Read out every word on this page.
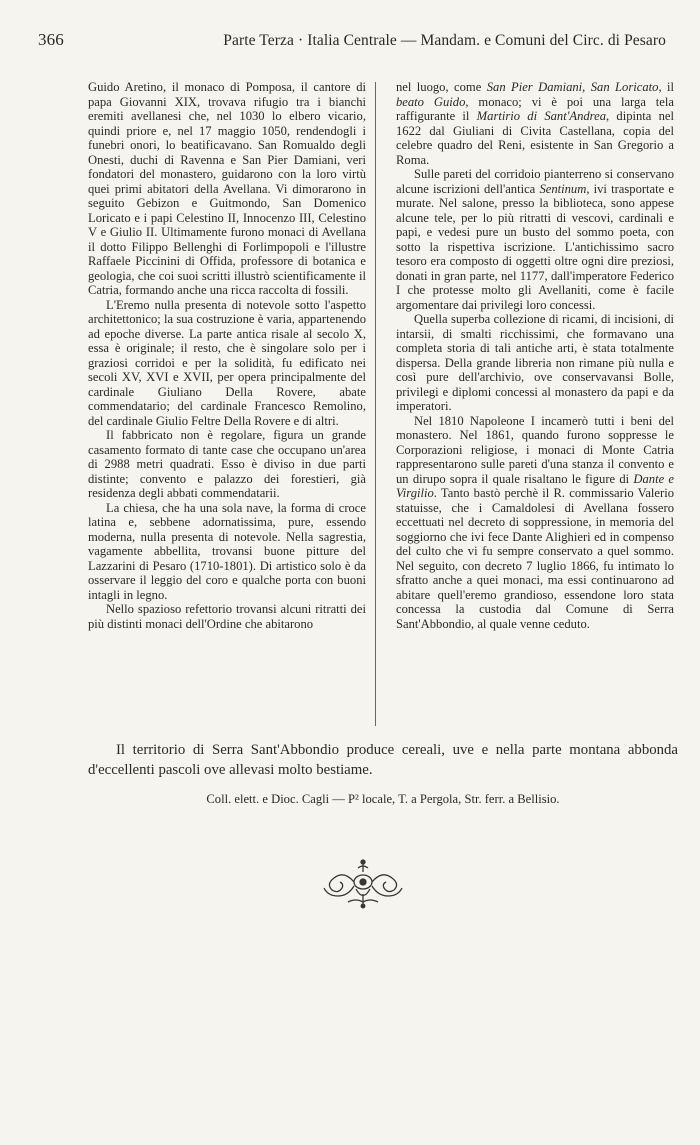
366	Parte Terza · Italia Centrale — Mandam. e Comuni del Circ. di Pesaro

Guido Aretino, il monaco di Pomposa, il cantore di papa Giovanni XIX, trovava rifugio tra i bianchi eremiti avellanesi che, nel 1030 lo elbero vicario, quindi priore e, nel 17 maggio 1050, rendendogli i funebri onori, lo beatificavano. San Romualdo degli Onesti, duchi di Ravenna e San Pier Damiani, veri fondatori del monastero, guidarono con la loro virtù quei primi abitatori della Avellana. Vi dimorarono in seguito Gebizon e Guitmondo, San Domenico Loricato e i papi Celestino II, Innocenzo III, Celestino V e Giulio II. Ultimamente furono monaci di Avellana il dotto Filippo Bellenghi di Forlimpopoli e l'illustre Raffaele Piccinini di Offida, professore di botanica e geologia, che coi suoi scritti illustrò scientificamente il Catria, formando anche una ricca raccolta di fossili.

L'Eremo nulla presenta di notevole sotto l'aspetto architettonico; la sua costruzione è varia, appartenendo ad epoche diverse. La parte antica risale al secolo X, essa è originale; il resto, che è singolare solo per i graziosi corridoi e per la solidità, fu edificato nei secoli XV, XVI e XVII, per opera principalmente del cardinale Giuliano Della Rovere, abate commendatario; del cardinale Francesco Remolino, del cardinale Giulio Feltre Della Rovere e di altri.

Il fabbricato non è regolare, figura un grande casamento formato di tante case che occupano un'area di 2988 metri quadrati. Esso è diviso in due parti distinte; convento e palazzo dei forestieri, già residenza degli abbati commendatarii.

La chiesa, che ha una sola nave, la forma di croce latina e, sebbene adornatissima, pure, essendo moderna, nulla presenta di notevole. Nella sagrestia, vagamente abbellita, trovansi buone pitture del Lazzarini di Pesaro (1710-1801). Di artistico solo è da osservare il leggio del coro e qualche porta con buoni intagli in legno.

Nello spazioso refettorio trovansi alcuni ritratti dei più distinti monaci dell'Ordine che abitarono

nel luogo, come San Pier Damiani, San Loricato, il beato Guido, monaco; vi è poi una larga tela raffigurante il Martirio di Sant'Andrea, dipinta nel 1622 dal Giuliani di Civita Castellana, copia del celebre quadro del Reni, esistente in San Gregorio a Roma.

Sulle pareti del corridoio pianterreno si conservano alcune iscrizioni dell'antica Sentinum, ivi trasportate e murate. Nel salone, presso la biblioteca, sono appese alcune tele, per lo più ritratti di vescovi, cardinali e papi, e vedesi pure un busto del sommo poeta, con sotto la rispettiva iscrizione. L'antichissimo sacro tesoro era composto di oggetti oltre ogni dire preziosi, donati in gran parte, nel 1177, dall'imperatore Federico I che protesse molto gli Avellaniti, come è facile argomentare dai privilegi loro concessi.

Quella superba collezione di ricami, di incisioni, di intarsii, di smalti ricchissimi, che formavano una completa storia di tali antiche arti, è stata totalmente dispersa. Della grande libreria non rimane più nulla e così pure dell'archivio, ove conservavansi Bolle, privilegi e diplomi concessi al monastero da papi e da imperatori.

Nel 1810 Napoleone I incamerò tutti i beni del monastero. Nel 1861, quando furono soppresse le Corporazioni religiose, i monaci di Monte Catria rappresentarono sulle pareti d'una stanza il convento e un dirupo sopra il quale risaltano le figure di Dante e Virgilio. Tanto bastò perchè il R. commissario Valerio statuisse, che i Camaldolesi di Avellana fossero eccettuati nel decreto di soppressione, in memoria del soggiorno che ivi fece Dante Alighieri ed in compenso del culto che vi fu sempre conservato a quel sommo. Nel seguito, con decreto 7 luglio 1866, fu intimato lo sfratto anche a quei monaci, ma essi continuarono ad abitare quell'eremo grandioso, essendone loro stata concessa la custodia dal Comune di Serra Sant'Abbondio, al quale venne ceduto.

Il territorio di Serra Sant'Abbondio produce cereali, uve e nella parte montana abbonda d'eccellenti pascoli ove allevasi molto bestiame.

Coll. elett. e Dioc. Cagli — P² locale, T. a Pergola, Str. ferr. a Bellisio.
